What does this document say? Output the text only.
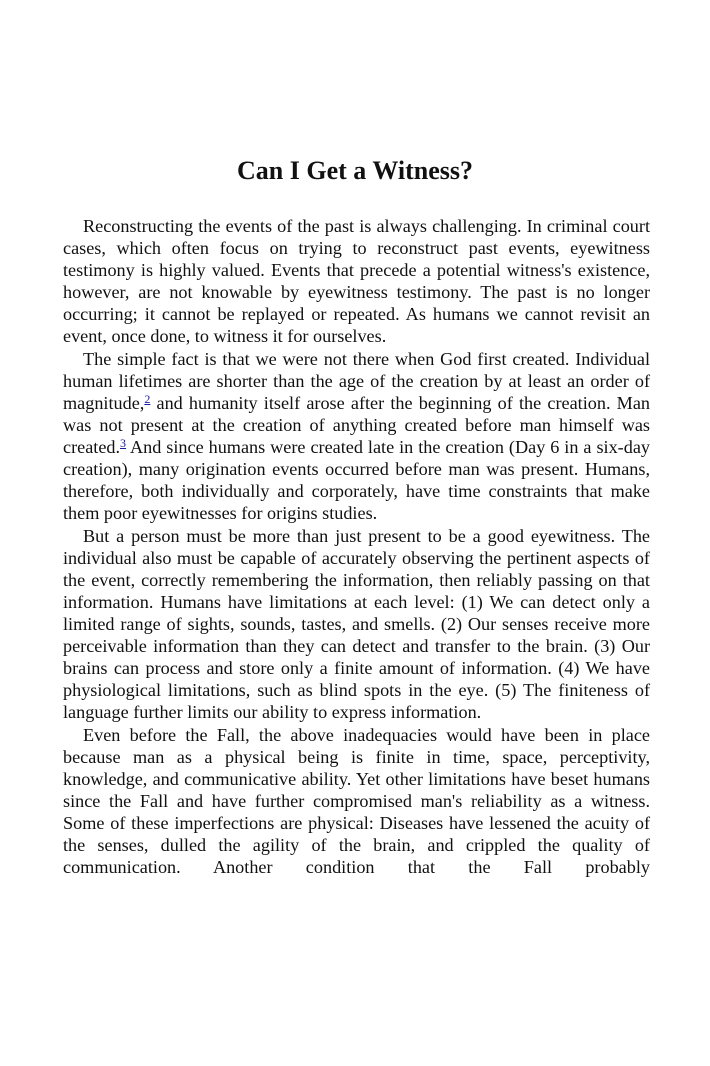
Can I Get a Witness?

Reconstructing the events of the past is always challenging. In criminal court cases, which often focus on trying to reconstruct past events, eyewitness testimony is highly valued. Events that precede a potential witness's existence, however, are not knowable by eyewitness testimony. The past is no longer occurring; it cannot be replayed or repeated. As humans we cannot revisit an event, once done, to witness it for ourselves.

The simple fact is that we were not there when God first created. Individual human lifetimes are shorter than the age of the creation by at least an order of magnitude,$^2$ and humanity itself arose after the beginning of the creation. Man was not present at the creation of anything created before man himself was created.$^3$ And since humans were created late in the creation (Day 6 in a six-day creation), many origination events occurred before man was present. Humans, therefore, both individually and corporately, have time constraints that make them poor eyewitnesses for origins studies.

But a person must be more than just present to be a good eyewitness. The individual also must be capable of accurately observing the pertinent aspects of the event, correctly remembering the information, then reliably passing on that information. Humans have limitations at each level: (1) We can detect only a limited range of sights, sounds, tastes, and smells. (2) Our senses receive more perceivable information than they can detect and transfer to the brain. (3) Our brains can process and store only a finite amount of information. (4) We have physiological limitations, such as blind spots in the eye. (5) The finiteness of language further limits our ability to express information.

Even before the Fall, the above inadequacies would have been in place because man as a physical being is finite in time, space, perceptivity, knowledge, and communicative ability. Yet other limitations have beset humans since the Fall and have further compromised man's reliability as a witness. Some of these imperfections are physical: Diseases have lessened the acuity of the senses, dulled the agility of the brain, and crippled the quality of communication. Another condition that the Fall probably
